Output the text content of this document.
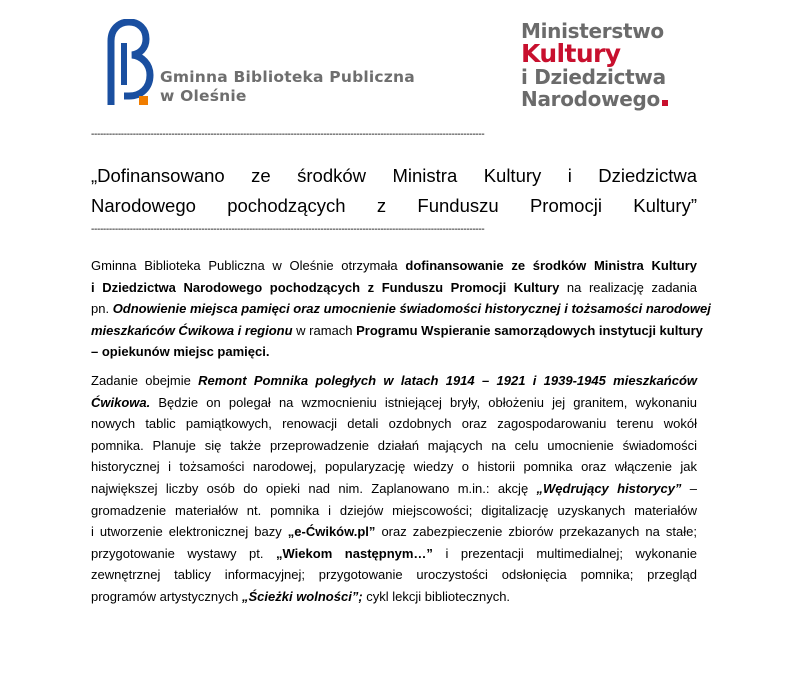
Gminna Biblioteka Publiczna
w Oleśnie
Ministerstwo
Kultury
i Dziedzictwa
Narodowego
------------------------------------------------------------------------------------------------------------------------------------
„Dofinansowano ze środków Ministra Kultury i Dziedzictwa
Narodowego pochodzących z Funduszu Promocji Kultury”
------------------------------------------------------------------------------------------------------------------------------------
Gminna Biblioteka Publiczna w Oleśnie otrzymała dofinansowanie ze środków Ministra Kultury
i Dziedzictwa Narodowego pochodzących z Funduszu Promocji Kultury na realizację zadania
pn. Odnowienie miejsca pamięci oraz umocnienie świadomości historycznej i tożsamości narodowej
mieszkańców Ćwikowa i regionu w ramach Programu Wspieranie samorządowych instytucji kultury
– opiekunów miejsc pamięci.
Zadanie obejmie Remont Pomnika poległych w latach 1914 – 1921 i 1939-1945 mieszkańców
Ćwikowa. Będzie on polegał na wzmocnieniu istniejącej bryły, obłożeniu jej granitem, wykonaniu
nowych tablic pamiątkowych, renowacji detali ozdobnych oraz zagospodarowaniu terenu wokół
pomnika. Planuje się także przeprowadzenie działań mających na celu umocnienie świadomości
historycznej i tożsamości narodowej, popularyzację wiedzy o historii pomnika oraz włączenie jak
największej liczby osób do opieki nad nim. Zaplanowano m.in.: akcję „Wędrujący historycy” –
gromadzenie materiałów nt. pomnika i dziejów miejscowości; digitalizację uzyskanych materiałów
i utworzenie elektronicznej bazy „e-Ćwików.pl” oraz zabezpieczenie zbiorów przekazanych na stałe;
przygotowanie wystawy pt. „Wiekom następnym…” i prezentacji multimedialnej; wykonanie
zewnętrznej tablicy informacyjnej; przygotowanie uroczystości odsłonięcia pomnika; przegląd
programów artystycznych „Ścieżki wolności”; cykl lekcji bibliotecznych.
